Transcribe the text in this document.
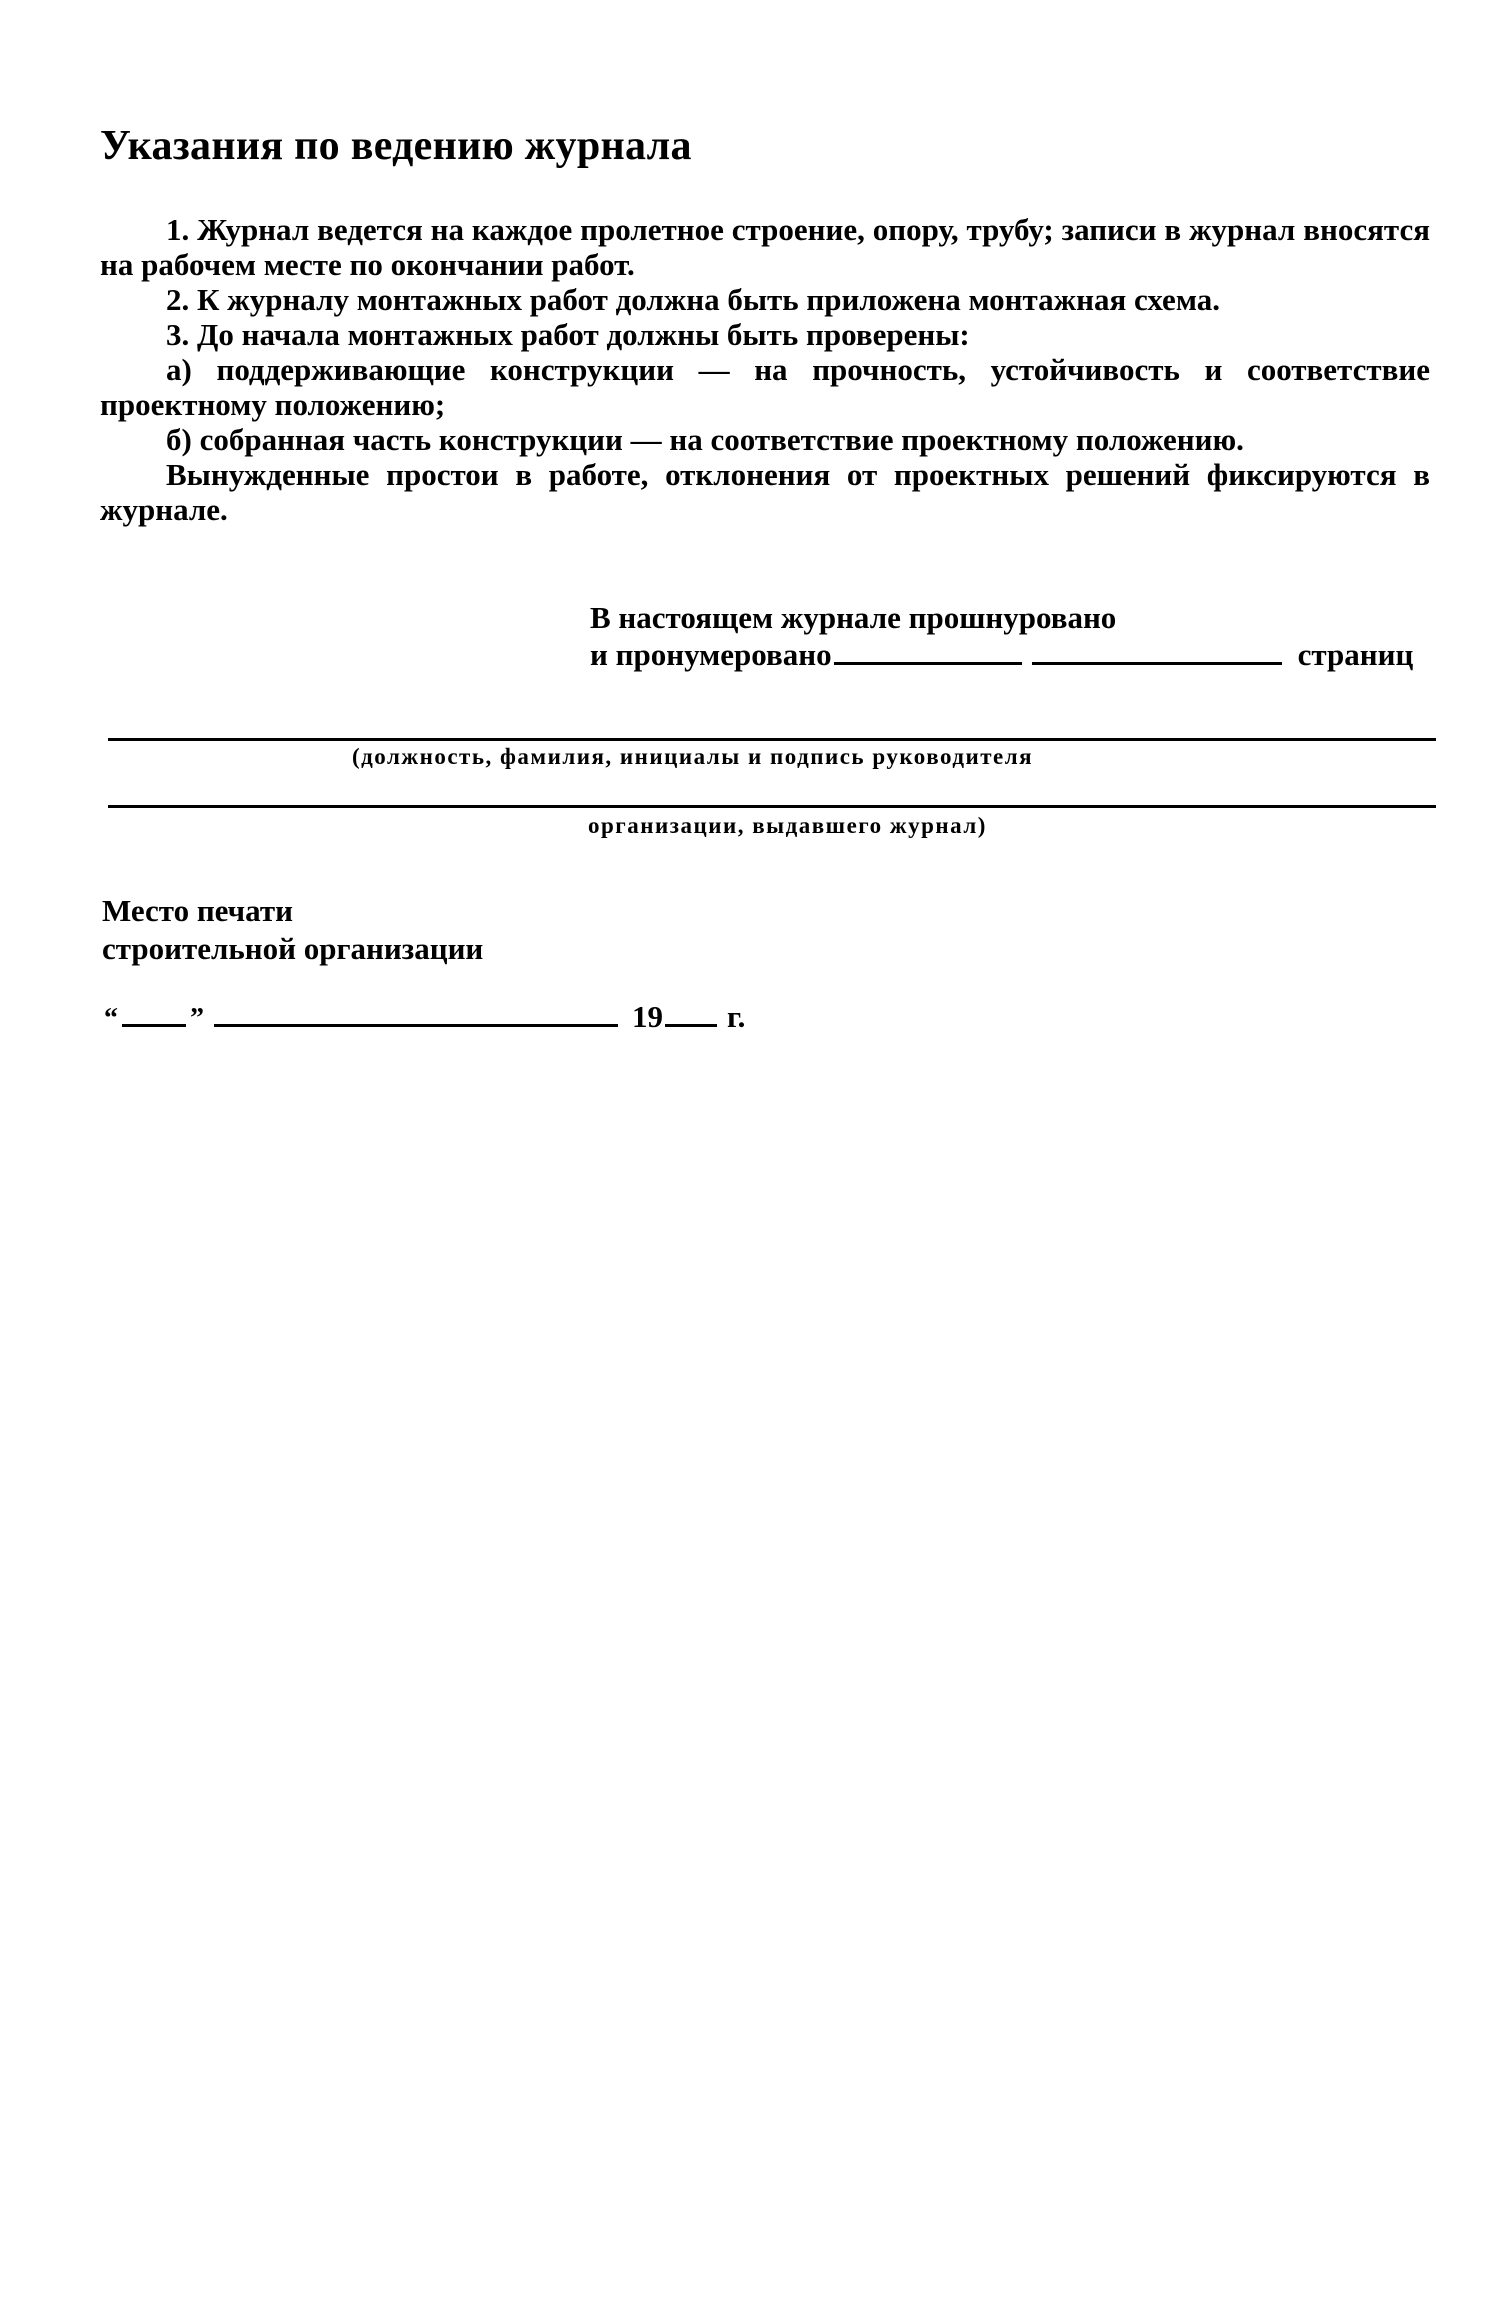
Указания по ведению журнала

1. Журнал ведется на каждое пролетное строение, опору, трубу; записи в журнал вносятся на рабочем месте по окончании работ.

2. К журналу монтажных работ должна быть приложена монтажная схема.

3. До начала монтажных работ должны быть проверены:

а) поддерживающие конструкции — на прочность, устойчивость и соответствие проектному положению;

б) собранная часть конструкции — на соответствие проектному положению.

Вынужденные простои в работе, отклонения от проектных решений фиксируются в журнале.

В настоящем журнале прошнуровано
и пронумеровано	страниц
(должность, фамилия, инициалы и подпись руководителя
организации, выдавшего журнал)
Место печати
строительной организации
“	”	19 г.
